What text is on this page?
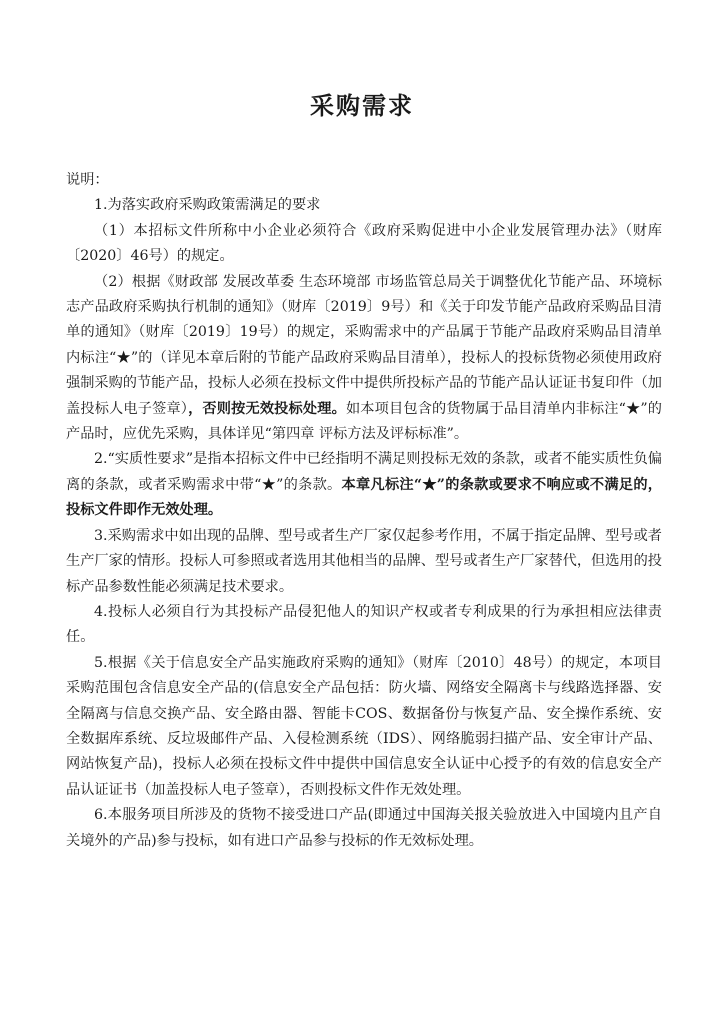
采购需求

说明：

1.为落实政府采购政策需满足的要求

（1）本招标文件所称中小企业必须符合《政府采购促进中小企业发展管理办法》（财库〔2020〕46号）的规定。

（2）根据《财政部 发展改革委 生态环境部 市场监管总局关于调整优化节能产品、环境标志产品政府采购执行机制的通知》（财库〔2019〕9号）和《关于印发节能产品政府采购品目清单的通知》（财库〔2019〕19号）的规定，采购需求中的产品属于节能产品政府采购品目清单内标注“★”的（详见本章后附的节能产品政府采购品目清单），投标人的投标货物必须使用政府强制采购的节能产品，投标人必须在投标文件中提供所投标产品的节能产品认证证书复印件（加盖投标人电子签章），否则按无效投标处理。如本项目包含的货物属于品目清单内非标注“★”的产品时，应优先采购，具体详见“第四章 评标方法及评标标准”。

2.“实质性要求”是指本招标文件中已经指明不满足则投标无效的条款，或者不能实质性负偏离的条款，或者采购需求中带“★”的条款。本章凡标注“★”的条款或要求不响应或不满足的，投标文件即作无效处理。

3.采购需求中如出现的品牌、型号或者生产厂家仅起参考作用，不属于指定品牌、型号或者生产厂家的情形。投标人可参照或者选用其他相当的品牌、型号或者生产厂家替代，但选用的投标产品参数性能必须满足技术要求。

4.投标人必须自行为其投标产品侵犯他人的知识产权或者专利成果的行为承担相应法律责任。

5.根据《关于信息安全产品实施政府采购的通知》（财库〔2010〕48号）的规定，本项目采购范围包含信息安全产品的(信息安全产品包括：防火墙、网络安全隔离卡与线路选择器、安全隔离与信息交换产品、安全路由器、智能卡COS、数据备份与恢复产品、安全操作系统、安全数据库系统、反垃圾邮件产品、入侵检测系统（IDS）、网络脆弱扫描产品、安全审计产品、网站恢复产品)，投标人必须在投标文件中提供中国信息安全认证中心授予的有效的信息安全产品认证证书（加盖投标人电子签章），否则投标文件作无效处理。

6.本服务项目所涉及的货物不接受进口产品(即通过中国海关报关验放进入中国境内且产自关境外的产品)参与投标，如有进口产品参与投标的作无效标处理。
